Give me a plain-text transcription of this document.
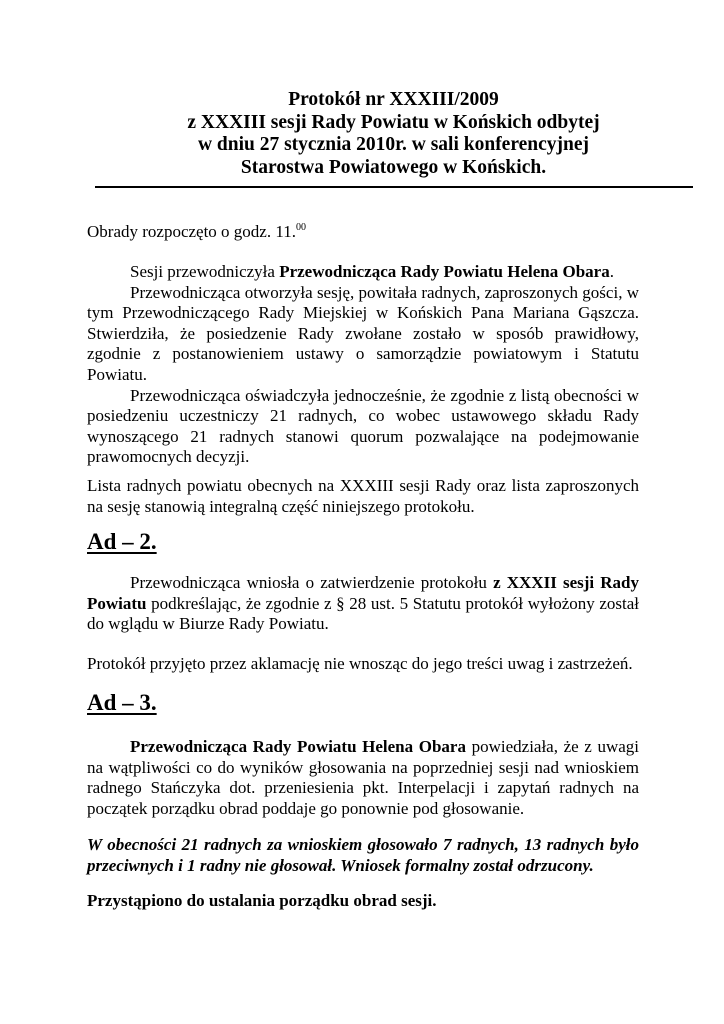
Protokół nr XXXIII/2009
z XXXIII sesji Rady Powiatu w Końskich odbytej
w dniu 27 stycznia 2010r. w sali konferencyjnej
Starostwa Powiatowego w Końskich.

Obrady rozpoczęto o godz. 11.00

Sesji przewodniczyła Przewodnicząca Rady Powiatu Helena Obara.

Przewodnicząca otworzyła sesję, powitała radnych, zaproszonych gości, w tym Przewodniczącego Rady Miejskiej w Końskich Pana Mariana Gąszcza. Stwierdziła, że posiedzenie Rady zwołane zostało w sposób prawidłowy, zgodnie z postanowieniem ustawy o samorządzie powiatowym i Statutu Powiatu.

Przewodnicząca oświadczyła jednocześnie, że zgodnie z listą obecności w posiedzeniu uczestniczy 21 radnych, co wobec ustawowego składu Rady wynoszącego 21 radnych stanowi quorum pozwalające na podejmowanie prawomocnych decyzji.

Lista radnych powiatu obecnych na XXXIII sesji Rady oraz lista zaproszonych na sesję stanowią integralną część niniejszego protokołu.

Ad – 2.

Przewodnicząca wniosła o zatwierdzenie protokołu z XXXII sesji Rady Powiatu podkreślając, że zgodnie z § 28 ust. 5 Statutu protokół wyłożony został do wglądu w Biurze Rady Powiatu.

Protokół przyjęto przez aklamację nie wnosząc do jego treści uwag i zastrzeżeń.

Ad – 3.

Przewodnicząca Rady Powiatu Helena Obara powiedziała, że z uwagi na wątpliwości co do wyników głosowania na poprzedniej sesji nad wnioskiem radnego Stańczyka dot. przeniesienia pkt. Interpelacji i zapytań radnych na początek porządku obrad poddaje go ponownie pod głosowanie.

W obecności 21 radnych za wnioskiem głosowało 7 radnych, 13 radnych było przeciwnych i 1 radny nie głosował. Wniosek formalny został odrzucony.

Przystąpiono do ustalania porządku obrad sesji.
